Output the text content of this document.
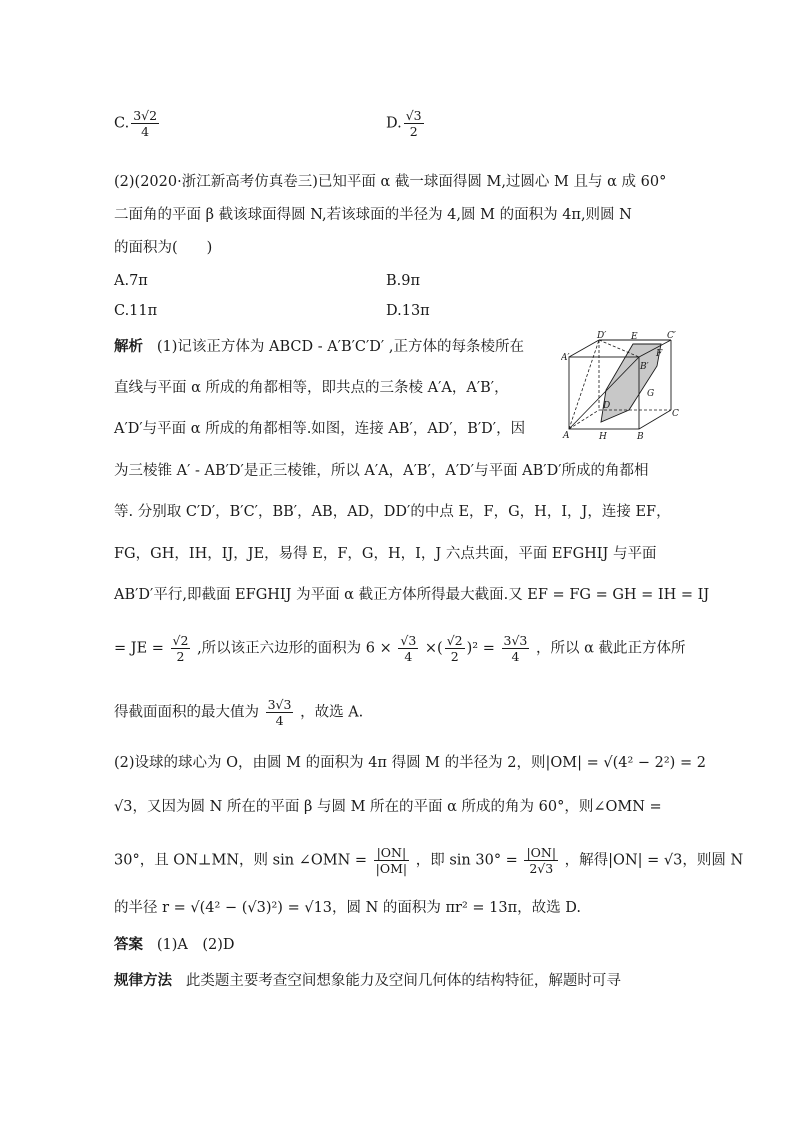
C. $\frac{3√2}{4}$	D. $\frac{√3}{2}$
(2)(2020·浙江新高考仿真卷三)已知平面 α 截一球面得圆 M,过圆心 M 且与 α 成 60°
二面角的平面 β 截该球面得圆 N,若该球面的半径为 4,圆 M 的面积为 4π,则圆 N
的面积为(　　)
A.7π	B.9π
C.11π	D.13π
解析 (1)记该正方体为 ABCD - A′B′C′D′ ,正方体的每条棱所在
直线与平面 α 所成的角都相等，即共点的三条棱 A′A，A′B′，
A′D′与平面 α 所成的角都相等.如图，连接 AB′，AD′，B′D′，因
为三棱锥 A′ - AB′D′是正三棱锥，所以 A′A，A′B′，A′D′与平面 AB′D′所成的角都相
等. 分别取 C′D′，B′C′，BB′，AB，AD，DD′的中点 E，F，G，H，I，J，连接 EF，
FG，GH，IH，IJ，JE，易得 E，F，G，H，I，J 六点共面，平面 EFGHIJ 与平面
AB′D′平行,即截面 EFGHIJ 为平面 α 截正方体所得最大截面.又 EF = FG = GH = IH = IJ
= JE = $\frac{√2}{2}$ ,所以该正六边形的面积为 $6 \times \frac{√3}{4}$ ×( $\frac{√2}{2} )^2 = \frac{3√3}{4}$ ，所以 α 截此正方体所
得截面面积的最大值为 $\frac{3√3}{4}$ ，故选 A.
(2)设球的球心为 O，由圆 M 的面积为 4π 得圆 M 的半径为 2，则|OM| = √(4² − 2²) = 2
√3，又因为圆 N 所在的平面 β 与圆 M 所在的平面 α 所成的角为 60°，则∠OMN =
30°，且 ON⊥MN，则 sin ∠OMN = $\frac{|ON|}{|OM|}$ ，即 $\sin 30^\circ = \frac{|ON|}{2√3}$ ，解得|ON| = √3，则圆 N
的半径 r = √(4² − (√3)²) = √13，圆 N 的面积为 πr² = 13π，故选 D.
答案 (1)A　(2)D
规律方法 此类题主要考查空间想象能力及空间几何体的结构特征，解题时可寻
D′	E	C′
A′
B′
F
D
G
C
A	H	B
